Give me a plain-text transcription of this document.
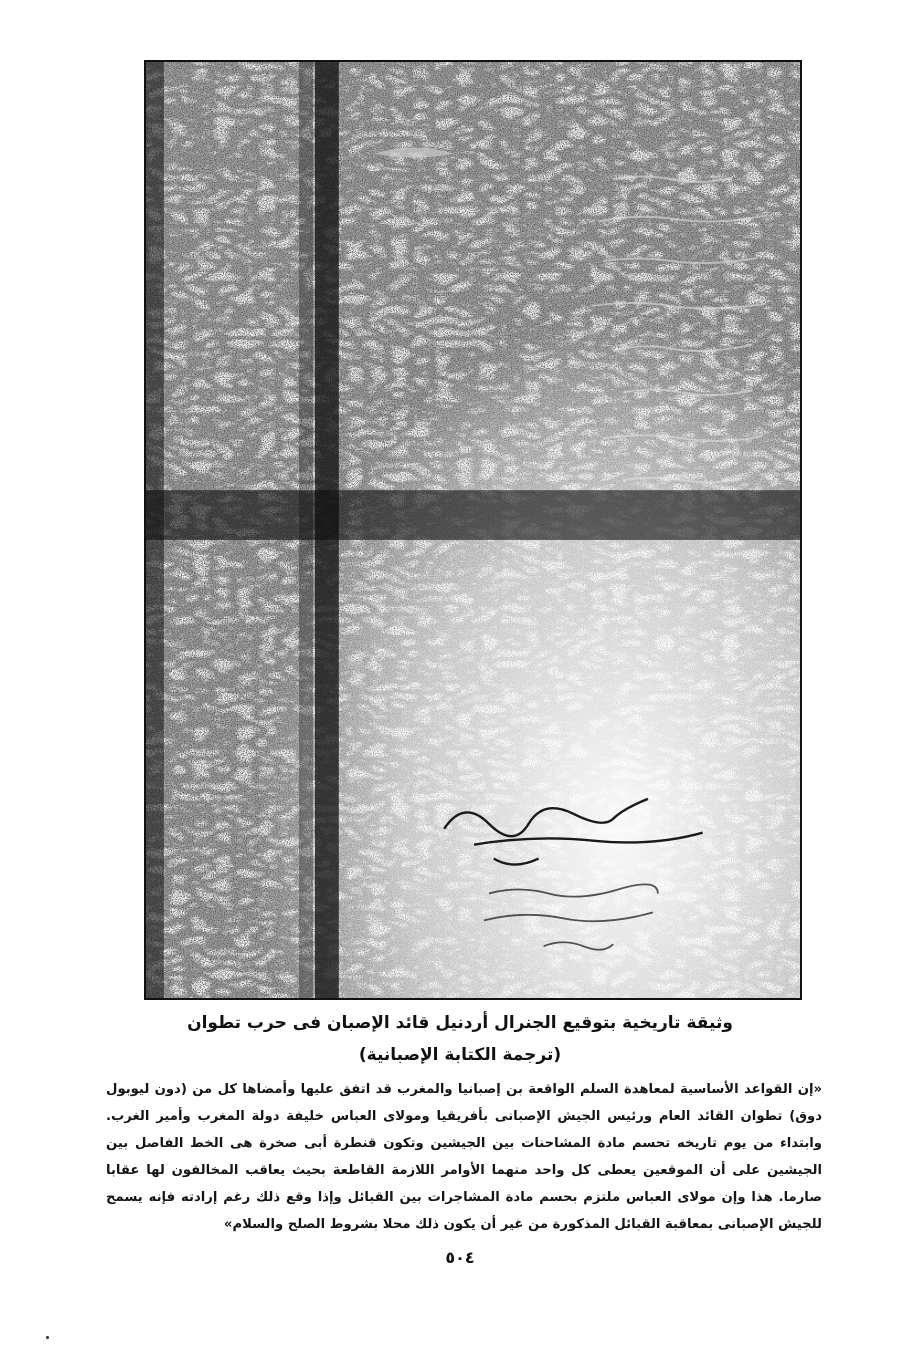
وثيقة تاريخية بتوقيع الجنرال أردنيل قائد الإصبان فى حرب تطوان
(ترجمة الكتابة الإصبانية)
«إن القواعد الأساسية لمعاهدة السلم الواقعة بن إصبانيا والمغرب قد اتفق عليها وأمضاها كل من (دون ليوبول دوق) تطوان القائد العام ورئيس الجيش الإصبانى بأفريقيا ومولاى العباس خليفة دولة المغرب وأمير الغرب. وابتداء من يوم تاريخه تحسم مادة المشاحنات بين الجيشين وتكون قنطرة أبى صخرة هى الخط الفاصل بين الجيشين على أن الموقعين يعطى كل واحد منهما الأوامر اللازمة القاطعة بحيث يعاقب المخالفون لها عقابا صارما. هذا وإن مولاى العباس ملتزم بحسم مادة المشاجرات بين القبائل وإذا وقع ذلك رغم إرادته فإنه يسمح للجيش الإصبانى بمعاقبة القبائل المذكورة من غير أن يكون ذلك محلا بشروط الصلح والسلام»
٥٠٤
